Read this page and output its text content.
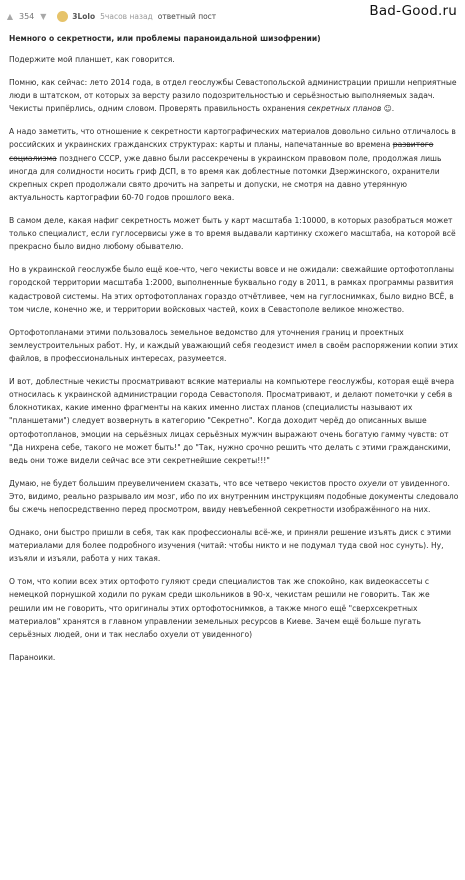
▲ 354 ▼	3Lolo 5часов назад ответный пост	Bad-Good.ru

Немного о секретности, или проблемы параноидальной шизофрении)

Подержите мой планшет, как говорится.

Помню, как сейчас: лето 2014 года, в отдел геослужбы Севастопольской администрации пришли неприятные люди в штатском, от которых за версту разило подозрительностью и серьёзностью выполняемых задач. Чекисты припёрлись, одним словом. Проверять правильность охранения секретных планов ☺.

А надо заметить, что отношение к секретности картографических материалов довольно сильно отличалось в российских и украинских гражданских структурах: карты и планы, напечатанные во времена развитого социализма позднего СССР, уже давно были рассекречены в украинском правовом поле, продолжая лишь иногда для солидности носить гриф ДСП, в то время как доблестные потомки Дзержинского, охранители скрепных скреп продолжали свято дрочить на запреты и допуски, не смотря на давно утерянную актуальность картографии 60-70 годов прошлого века.

В самом деле, какая нафиг секретность может быть у карт масштаба 1:10000, в которых разобраться может только специалист, если гуглосервисы уже в то время выдавали картинку схожего масштаба, на которой всё прекрасно было видно любому обывателю.

Но в украинской геослужбе было ещё кое-что, чего чекисты вовсе и не ожидали: свежайшие ортофотопланы городской территории масштаба 1:2000, выполненные буквально году в 2011, в рамках программы развития кадастровой системы. На этих ортофотопланах гораздо отчётливее, чем на гуглоснимках, было видно ВСЁ, в том числе, конечно же, и территории войсковых частей, коих в Севастополе великое множество.

Ортофотопланами этими пользовалось земельное ведомство для уточнения границ и проектных землеустроительных работ. Ну, и каждый уважающий себя геодезист имел в своём распоряжении копии этих файлов, в профессиональных интересах, разумеется.

И вот, доблестные чекисты просматривают всякие материалы на компьютере геослужбы, которая ещё вчера относилась к украинской администрации города Севастополя. Просматривают, и делают пометочки у себя в блокнотиках, какие именно фрагменты на каких именно листах планов (специалисты называют их "планшетами") следует возвернуть в категорию "Секретно". Когда доходит черёд до описанных выше ортофотопланов, эмоции на серьёзных лицах серьёзных мужчин выражают очень богатую гамму чувств: от "Да нихрена себе, такого не может быть!" до "Так, нужно срочно решить что делать с этими гражданскими, ведь они тоже видели сейчас все эти секретнейшие секреты!!!"

Думаю, не будет большим преувеличением сказать, что все четверо чекистов просто охуели от увиденного. Это, видимо, реально разрывало им мозг, ибо по их внутренним инструкциям подобные документы следовало бы сжечь непосредственно перед просмотром, ввиду невъебенной секретности изображённого на них.

Однако, они быстро пришли в себя, так как профессионалы всё-же, и приняли решение изъять диск с этими материалами для более подробного изучения (читай: чтобы никто и не подумал туда свой нос сунуть). Ну, изъяли и изъяли, работа у них такая.

О том, что копии всех этих ортофото гуляют среди специалистов так же спокойно, как видеокассеты с немецкой порнушкой ходили по рукам среди школьников в 90-х, чекистам решили не говорить. Так же решили им не говорить, что оригиналы этих ортофотоснимков, а также много ещё "сверхсекретных материалов" хранятся в главном управлении земельных ресурсов в Киеве. Зачем ещё больше пугать серьёзных людей, они и так неслабо охуели от увиденного)

Параноики.
